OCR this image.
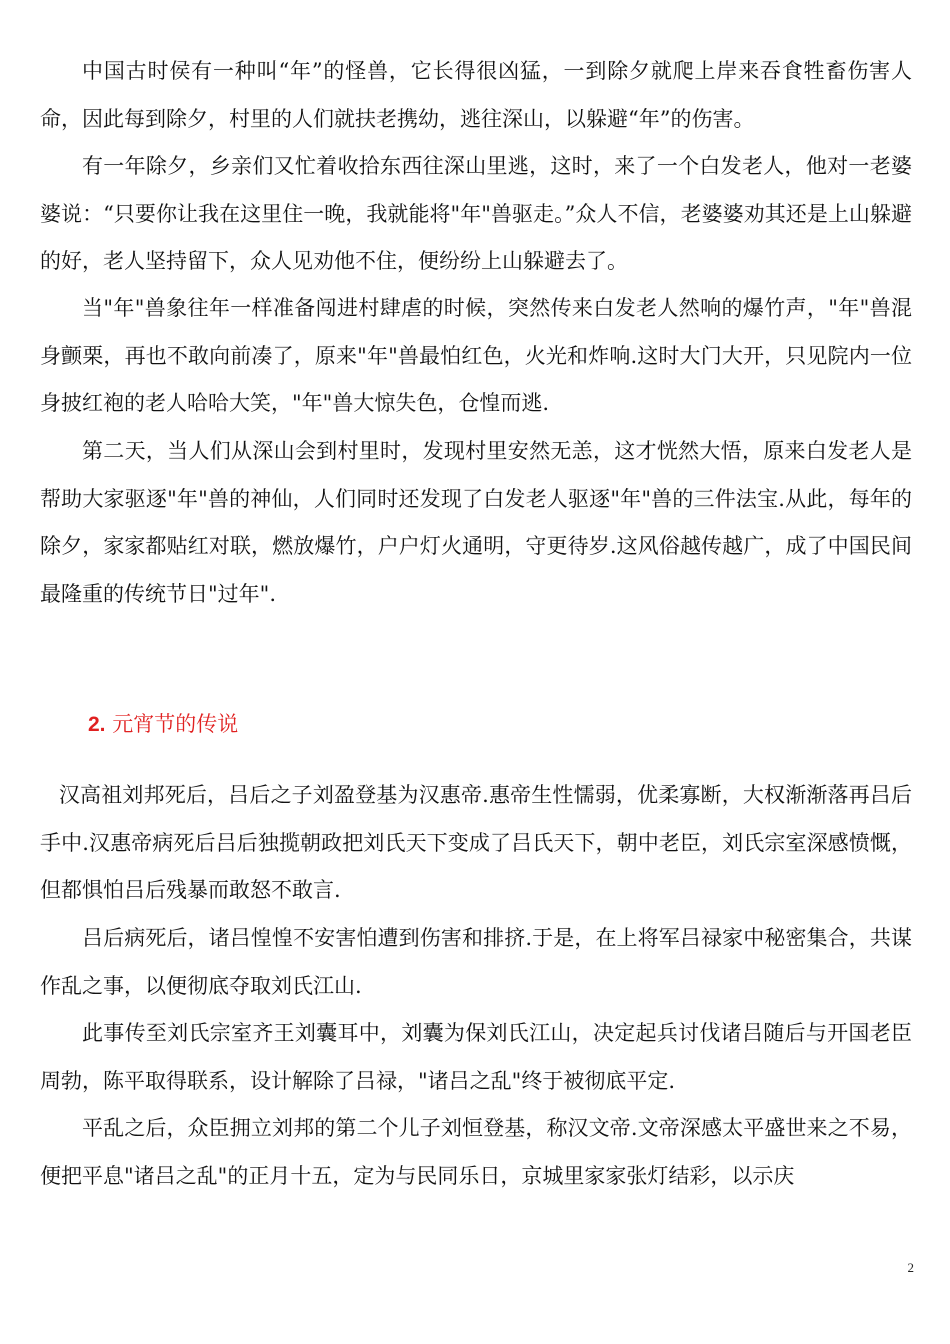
中国古时侯有一种叫“年”的怪兽，它长得很凶猛，一到除夕就爬上岸来吞食牲畜伤害人命，因此每到除夕，村里的人们就扶老携幼，逃往深山，以躲避“年”的伤害。

有一年除夕，乡亲们又忙着收拾东西往深山里逃，这时，来了一个白发老人，他对一老婆婆说：“只要你让我在这里住一晚，我就能将"年"兽驱走。”众人不信，老婆婆劝其还是上山躲避的好，老人坚持留下，众人见劝他不住，便纷纷上山躲避去了。

当"年"兽象往年一样准备闯进村肆虐的时候，突然传来白发老人然响的爆竹声，"年"兽混身颤栗，再也不敢向前凑了，原来"年"兽最怕红色，火光和炸响.这时大门大开，只见院内一位身披红袍的老人哈哈大笑，"年"兽大惊失色，仓惶而逃.

第二天，当人们从深山会到村里时，发现村里安然无恙，这才恍然大悟，原来白发老人是帮助大家驱逐"年"兽的神仙，人们同时还发现了白发老人驱逐"年"兽的三件法宝.从此，每年的除夕，家家都贴红对联，燃放爆竹，户户灯火通明，守更待岁.这风俗越传越广，成了中国民间最隆重的传统节日"过年".

2. 元宵节的传说

汉高祖刘邦死后，吕后之子刘盈登基为汉惠帝.惠帝生性懦弱，优柔寡断，大权渐渐落再吕后手中.汉惠帝病死后吕后独揽朝政把刘氏天下变成了吕氏天下，朝中老臣，刘氏宗室深感愤慨，但都惧怕吕后残暴而敢怒不敢言.

吕后病死后，诸吕惶惶不安害怕遭到伤害和排挤.于是，在上将军吕禄家中秘密集合，共谋作乱之事，以便彻底夺取刘氏江山.

此事传至刘氏宗室齐王刘囊耳中，刘囊为保刘氏江山，决定起兵讨伐诸吕随后与开国老臣周勃，陈平取得联系，设计解除了吕禄，"诸吕之乱"终于被彻底平定.

平乱之后，众臣拥立刘邦的第二个儿子刘恒登基，称汉文帝.文帝深感太平盛世来之不易，便把平息"诸吕之乱"的正月十五，定为与民同乐日，京城里家家张灯结彩，以示庆

2
